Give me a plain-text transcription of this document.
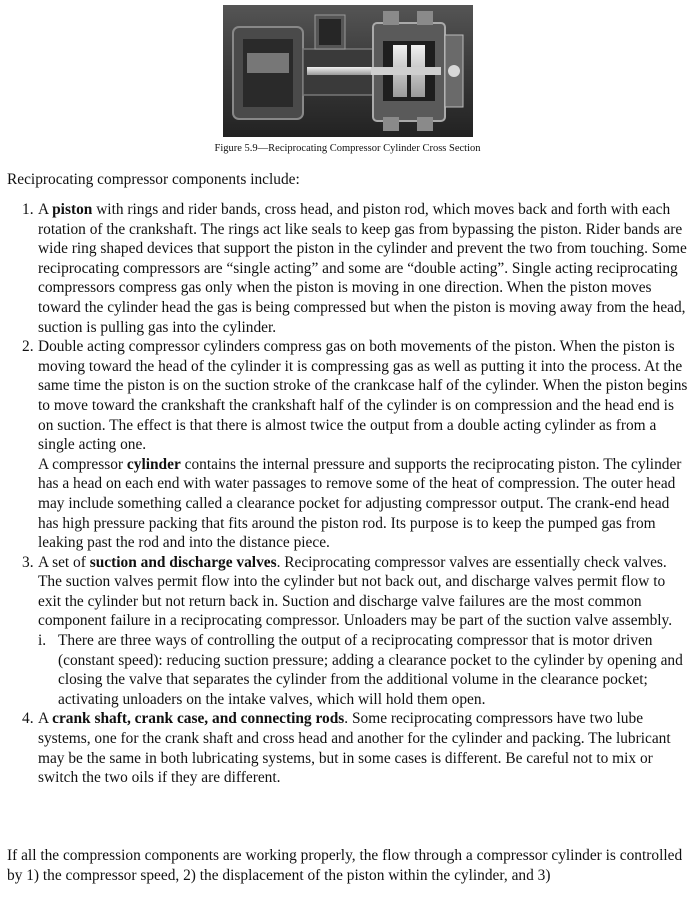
Figure 5.9—Reciprocating Compressor Cylinder Cross Section
Reciprocating compressor components include:
1. A piston with rings and rider bands, cross head, and piston rod, which moves back and forth with each rotation of the crankshaft. The rings act like seals to keep gas from bypassing the piston. Rider bands are wide ring shaped devices that support the piston in the cylinder and prevent the two from touching. Some reciprocating compressors are “single acting” and some are “double acting”. Single acting reciprocating compressors compress gas only when the piston is moving in one direction. When the piston moves toward the cylinder head the gas is being compressed but when the piston is moving away from the head, suction is pulling gas into the cylinder.
2. Double acting compressor cylinders compress gas on both movements of the piston. When the piston is moving toward the head of the cylinder it is compressing gas as well as putting it into the process. At the same time the piston is on the suction stroke of the crankcase half of the cylinder. When the piston begins to move toward the crankshaft the crankshaft half of the cylinder is on compression and the head end is on suction. The effect is that there is almost twice the output from a double acting cylinder as from a single acting one.
A compressor cylinder contains the internal pressure and supports the reciprocating piston. The cylinder has a head on each end with water passages to remove some of the heat of compression. The outer head may include something called a clearance pocket for adjusting compressor output. The crank-end head has high pressure packing that fits around the piston rod. Its purpose is to keep the pumped gas from leaking past the rod and into the distance piece.
3. A set of suction and discharge valves. Reciprocating compressor valves are essentially check valves. The suction valves permit flow into the cylinder but not back out, and discharge valves permit flow to exit the cylinder but not return back in. Suction and discharge valve failures are the most common component failure in a reciprocating compressor. Unloaders may be part of the suction valve assembly.
i. There are three ways of controlling the output of a reciprocating compressor that is motor driven (constant speed): reducing suction pressure; adding a clearance pocket to the cylinder by opening and closing the valve that separates the cylinder from the additional volume in the clearance pocket; activating unloaders on the intake valves, which will hold them open.
4. A crank shaft, crank case, and connecting rods. Some reciprocating compressors have two lube systems, one for the crank shaft and cross head and another for the cylinder and packing. The lubricant may be the same in both lubricating systems, but in some cases is different. Be careful not to mix or switch the two oils if they are different.
If all the compression components are working properly, the flow through a compressor cylinder is controlled by 1) the compressor speed, 2) the displacement of the piston within the cylinder, and 3)
